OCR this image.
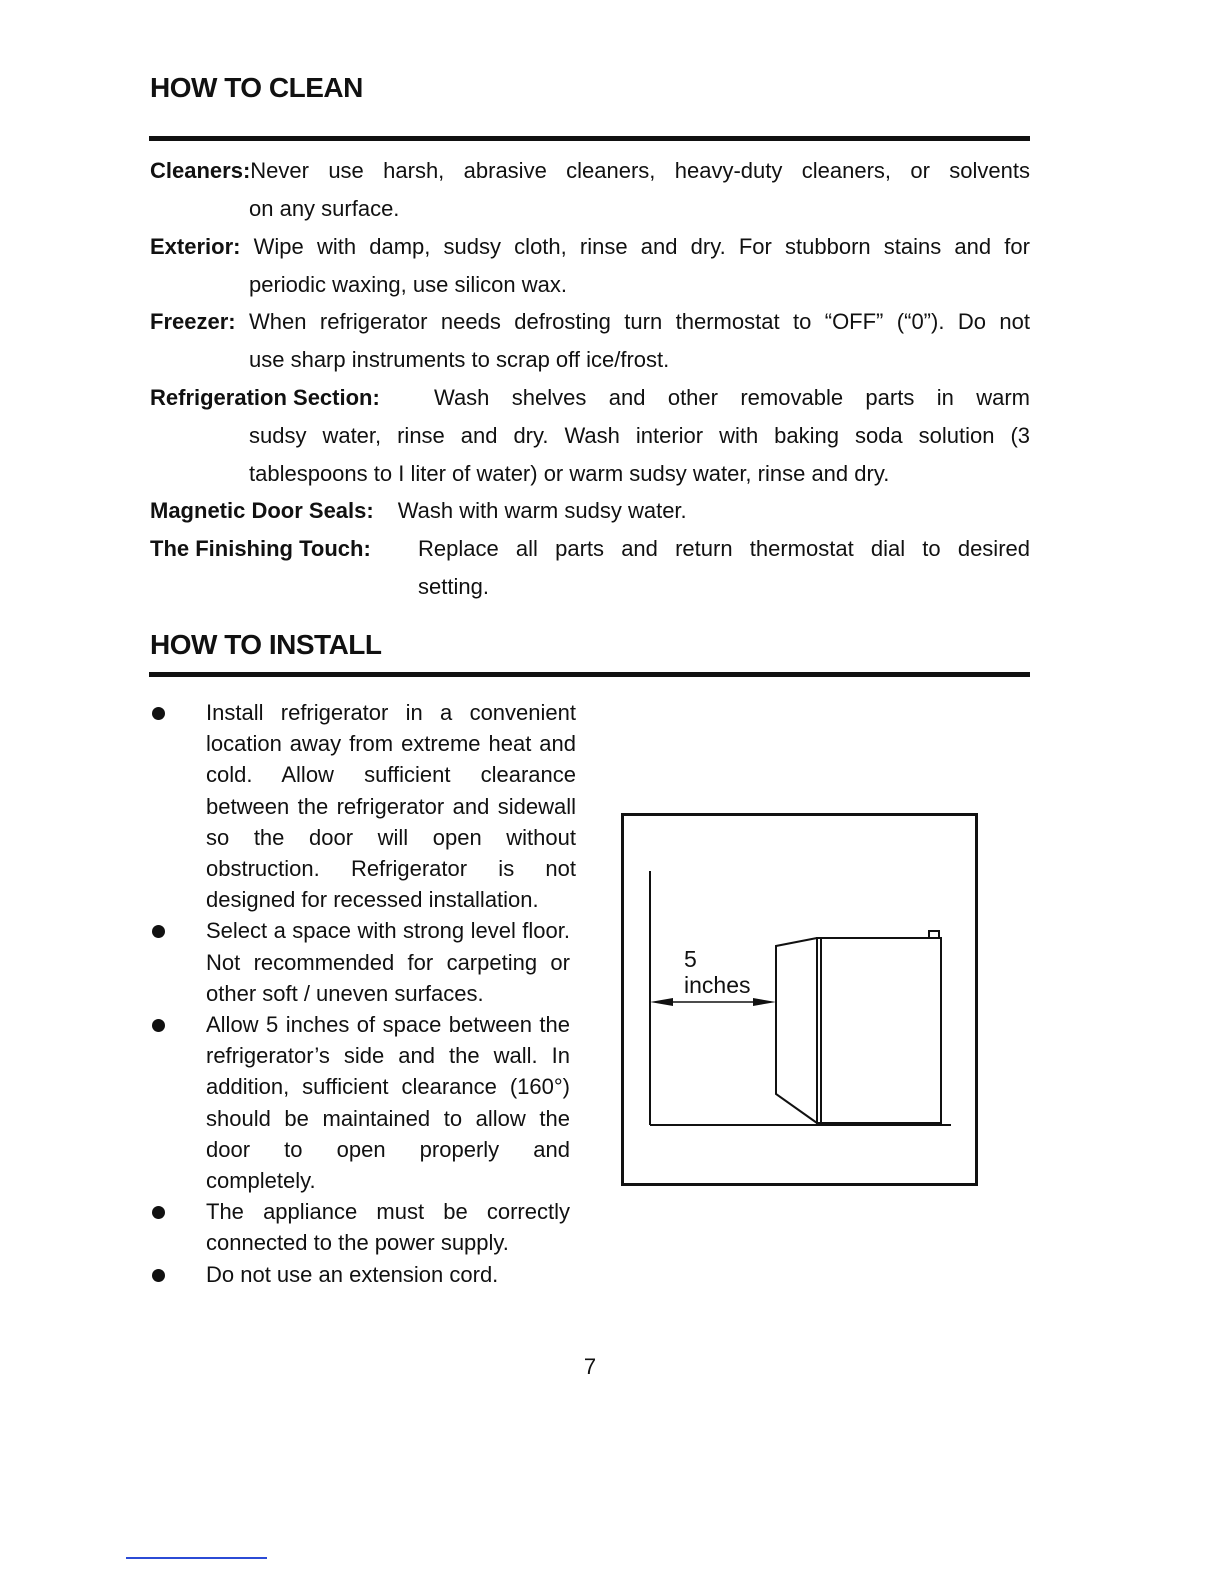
HOW TO CLEAN
Cleaners:Never use harsh, abrasive cleaners, heavy-duty cleaners, or solvents
on any surface.
Exterior: Wipe with damp, sudsy cloth, rinse and dry. For stubborn stains and for
periodic waxing, use silicon wax.
Freezer: When refrigerator needs defrosting turn thermostat to “OFF” (“0”). Do not
use sharp instruments to scrap off ice/frost.
Refrigeration Section: Wash shelves and other removable parts in warm
sudsy water, rinse and dry. Wash interior with baking soda solution (3
tablespoons to I liter of water) or warm sudsy water, rinse and dry.
Magnetic Door Seals: Wash with warm sudsy water.
The Finishing Touch: Replace all parts and return thermostat dial to desired
setting.
HOW TO INSTALL
Install refrigerator in a convenient location away from extreme heat and cold. Allow sufficient clearance between the refrigerator and sidewall so the door will open without obstruction. Refrigerator is not designed for recessed installation.
Select a space with strong level floor. Not recommended for carpeting or other soft / uneven surfaces.
Allow 5 inches of space between the refrigerator’s side and the wall. In addition, sufficient clearance (160°) should be maintained to allow the door to open properly and completely.
The appliance must be correctly connected to the power supply.
Do not use an extension cord.
5
inches
7
